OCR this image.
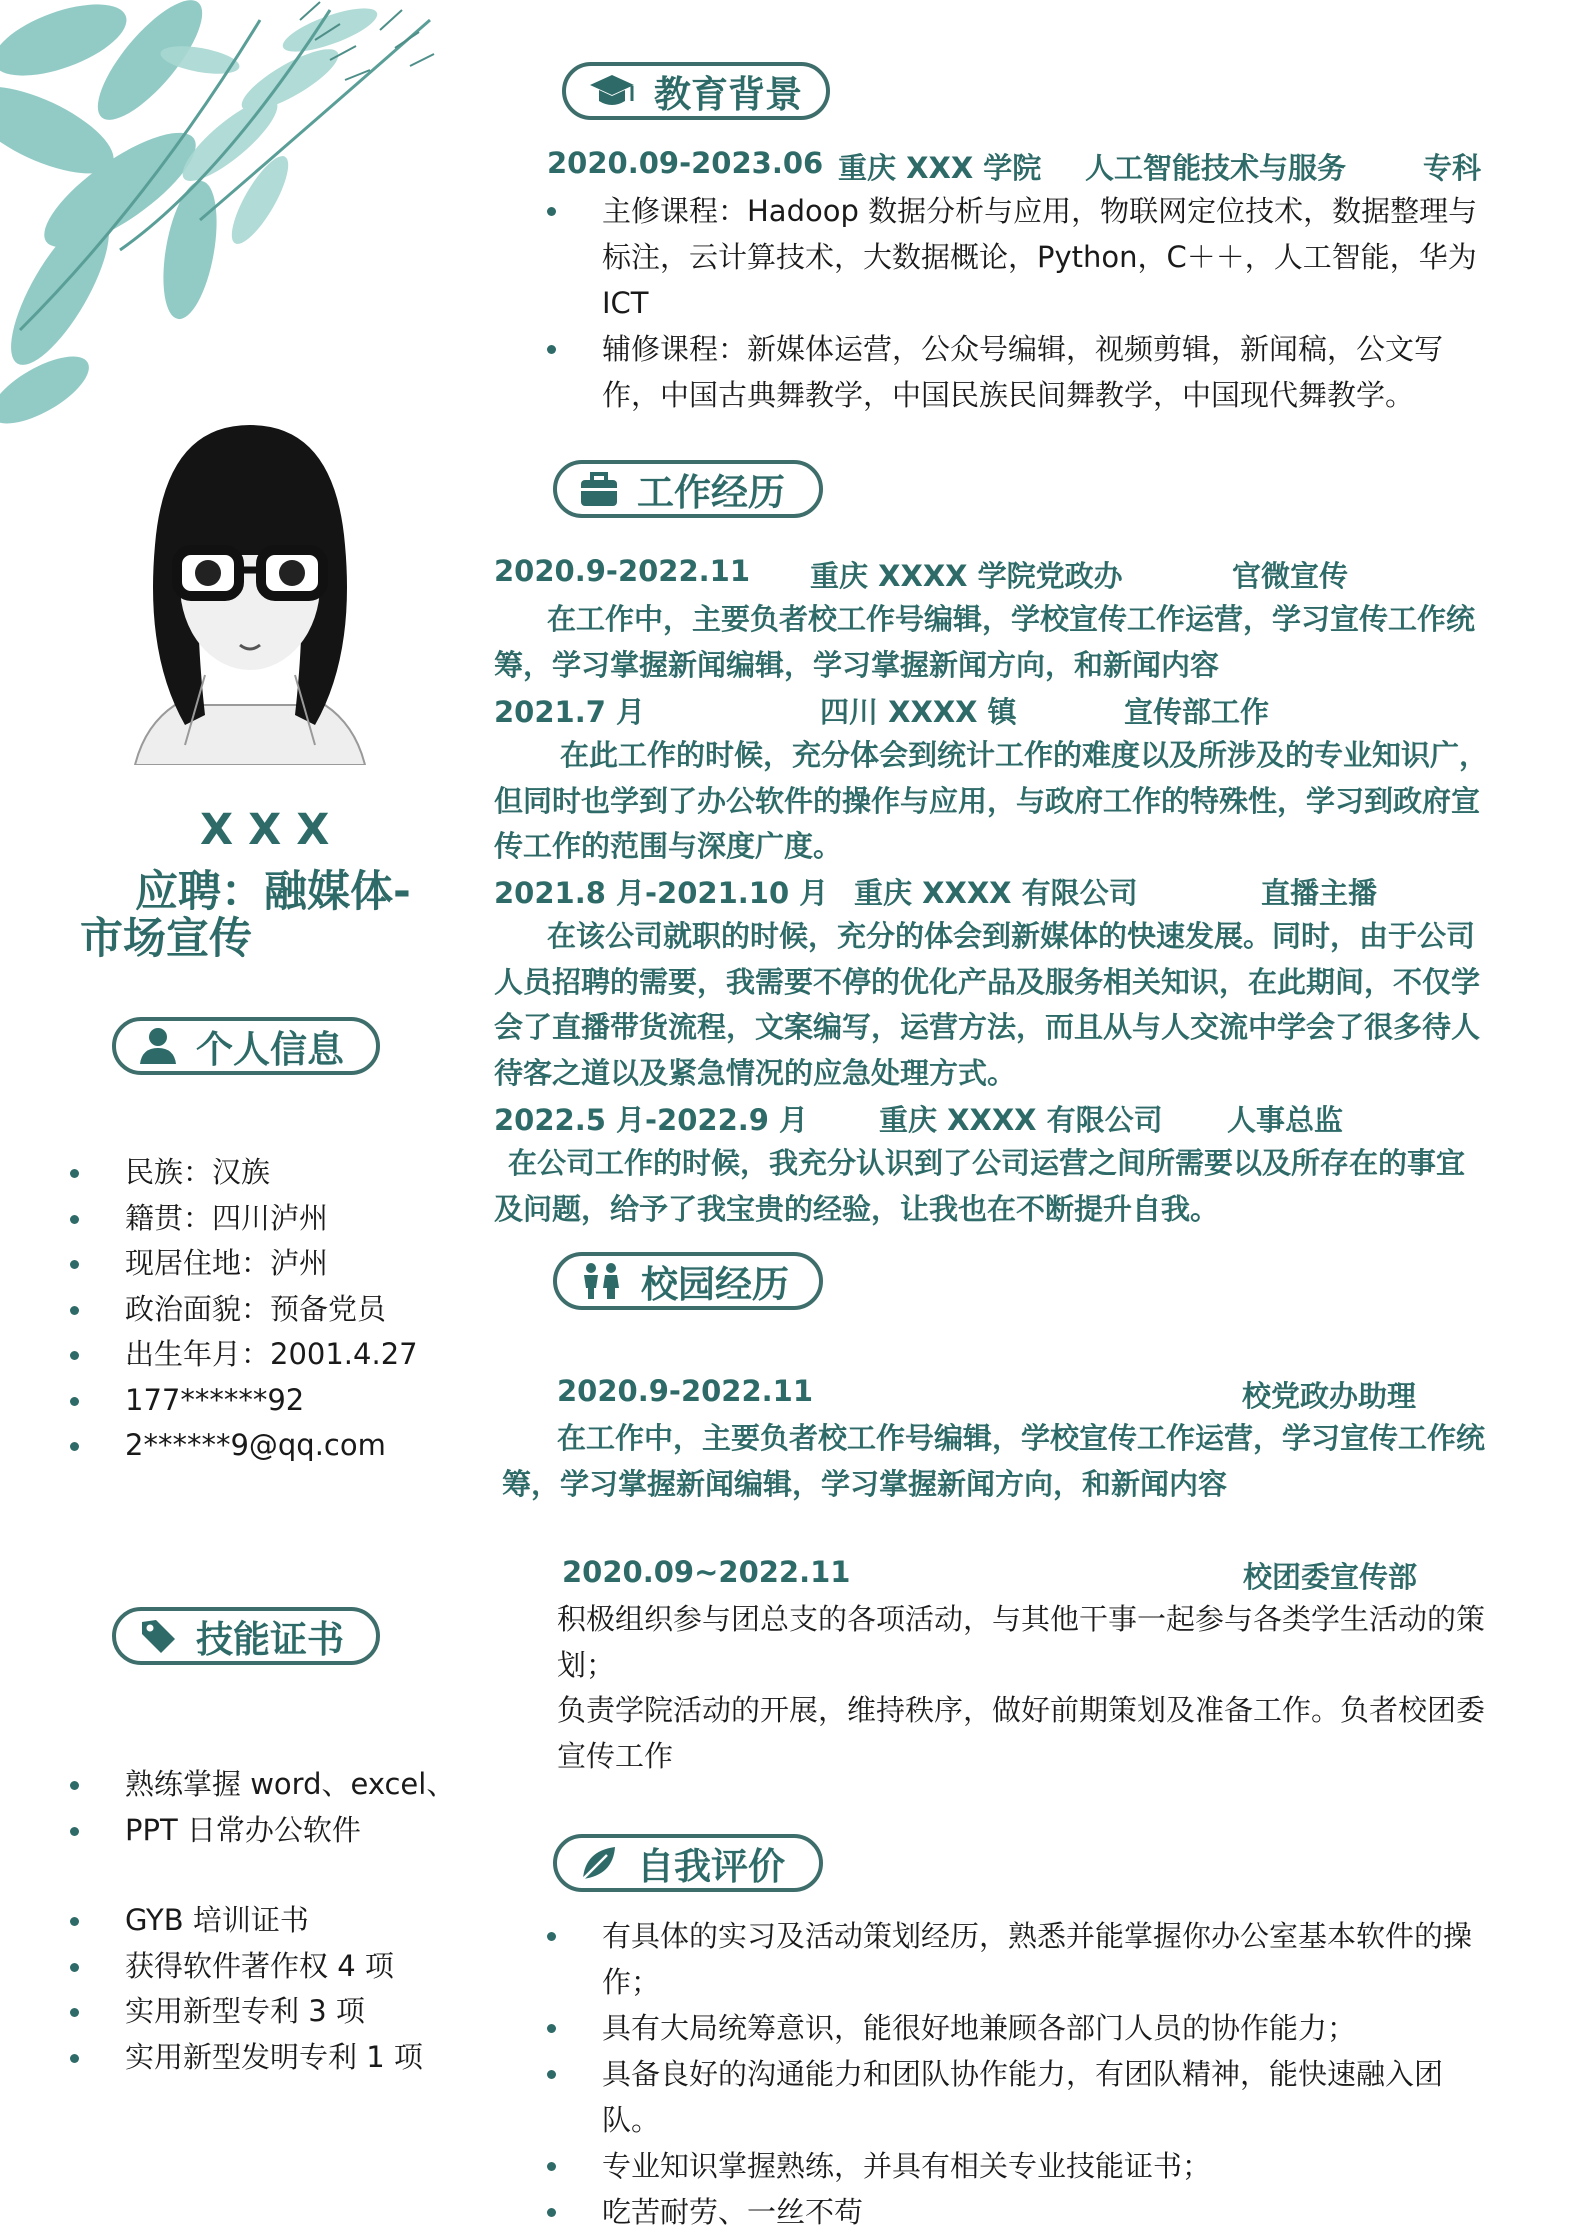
X X X
应聘：融媒体-
市场宣传
个人信息
民族：汉族
籍贯：四川泸州
现居住地：泸州
政治面貌：预备党员
出生年月：2001.4.27
177******92
2******9@qq.com
技能证书
熟练掌握 word、excel、
PPT 日常办公软件
GYB 培训证书
获得软件著作权 4 项
实用新型专利 3 项
实用新型发明专利 1 项
教育背景
2020.09-2023.06 重庆 XXX 学院 人工智能技术与服务	专科
主修课程：Hadoop 数据分析与应用，物联网定位技术，数据整理与标注，云计算技术，大数据概论，Python，C＋＋，人工智能，华为 ICT
辅修课程：新媒体运营，公众号编辑，视频剪辑，新闻稿，公文写作，中国古典舞教学，中国民族民间舞教学，中国现代舞教学。
工作经历
2020.9-2022.11 重庆 XXXX 学院党政办	官微宣传
在工作中，主要负者校工作号编辑，学校宣传工作运营，学习宣传工作统筹，学习掌握新闻编辑，学习掌握新闻方向，和新闻内容
2021.7 月	四川 XXXX 镇	宣传部工作
在此工作的时候，充分体会到统计工作的难度以及所涉及的专业知识广，但同时也学到了办公软件的操作与应用，与政府工作的特殊性，学习到政府宣传工作的范围与深度广度。
2021.8 月-2021.10 月 重庆 XXXX 有限公司	直播主播
在该公司就职的时候，充分的体会到新媒体的快速发展。同时，由于公司人员招聘的需要，我需要不停的优化产品及服务相关知识，在此期间，不仅学会了直播带货流程，文案编写，运营方法，而且从与人交流中学会了很多待人待客之道以及紧急情况的应急处理方式。
2022.5 月-2022.9 月 重庆 XXXX 有限公司 人事总监
在公司工作的时候，我充分认识到了公司运营之间所需要以及所存在的事宜及问题，给予了我宝贵的经验，让我也在不断提升自我。
校园经历
2020.9-2022.11	校党政办助理
在工作中，主要负者校工作号编辑，学校宣传工作运营，学习宣传工作统筹，学习掌握新闻编辑，学习掌握新闻方向，和新闻内容
2020.09~2022.11	校团委宣传部
积极组织参与团总支的各项活动，与其他干事一起参与各类学生活动的策划；
负责学院活动的开展，维持秩序，做好前期策划及准备工作。负者校团委宣传工作
自我评价
有具体的实习及活动策划经历，熟悉并能掌握你办公室基本软件的操作；
具有大局统筹意识，能很好地兼顾各部门人员的协作能力；
具备良好的沟通能力和团队协作能力，有团队精神，能快速融入团队。
专业知识掌握熟练，并具有相关专业技能证书；
吃苦耐劳、一丝不苟
